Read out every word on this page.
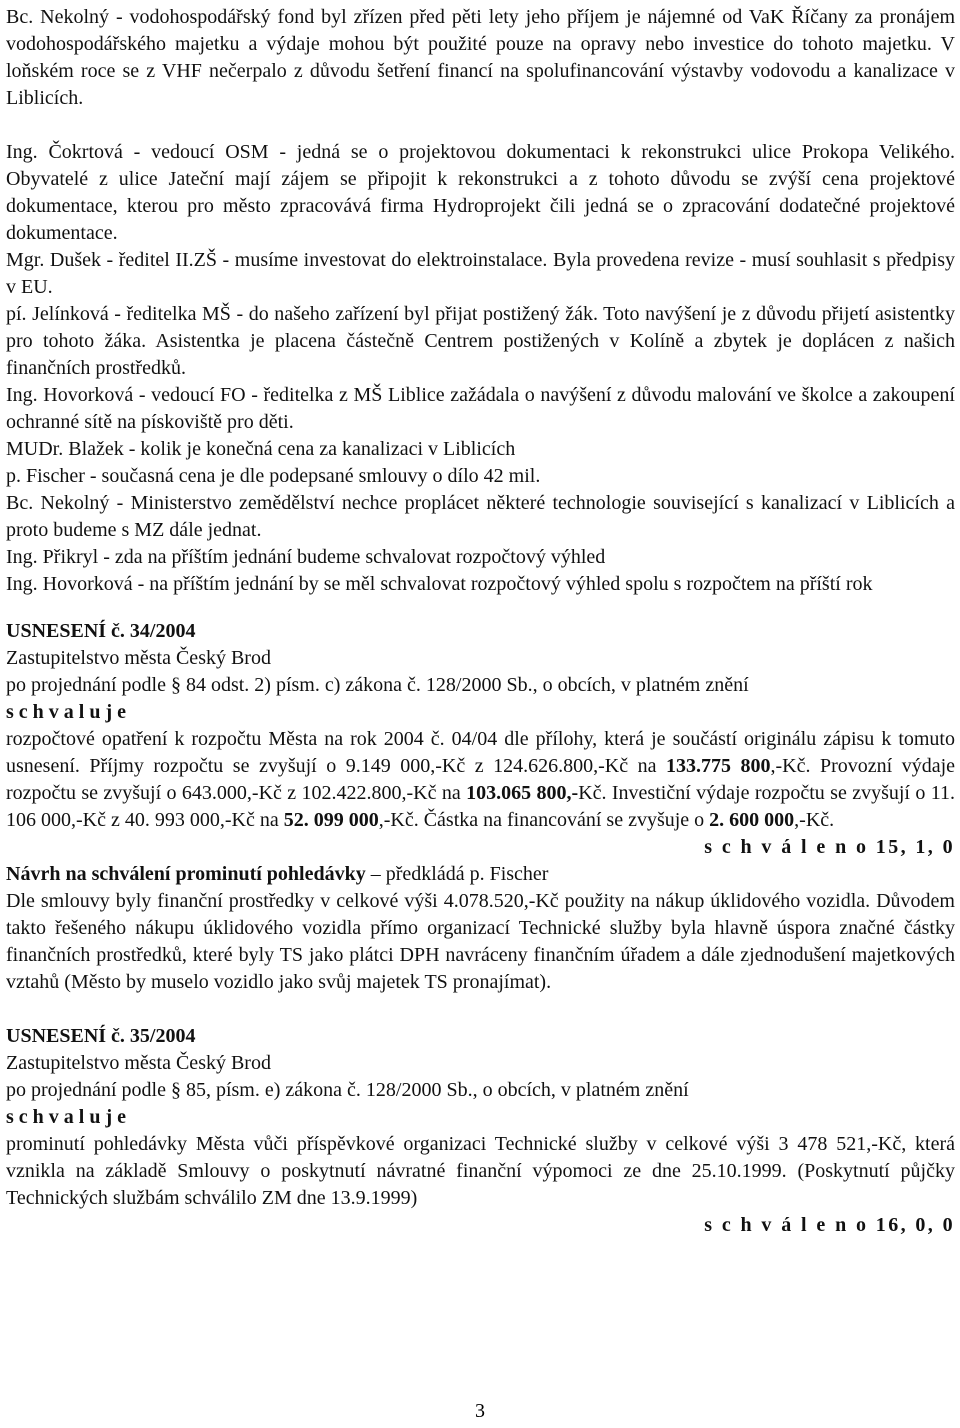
Bc. Nekolný - vodohospodářský fond byl zřízen před pěti lety jeho příjem je nájemné od VaK Říčany za pronájem vodohospodářského majetku a výdaje mohou být použité pouze na opravy nebo investice do tohoto majetku. V loňském roce se z VHF nečerpalo z důvodu šetření financí na spolufinancování výstavby vodovodu a kanalizace v Liblicích.

Ing. Čokrtová - vedoucí OSM - jedná se o projektovou dokumentaci k rekonstrukci ulice Prokopa Velikého. Obyvatelé z ulice Jateční mají zájem se připojit k rekonstrukci a z tohoto důvodu se zvýší cena projektové dokumentace, kterou pro město zpracovává firma Hydroprojekt čili jedná se o zpracování dodatečné projektové dokumentace.

Mgr. Dušek - ředitel II.ZŠ - musíme investovat do elektroinstalace. Byla provedena revize - musí souhlasit s předpisy v EU.

pí. Jelínková - ředitelka MŠ - do našeho zařízení byl přijat postižený žák. Toto navýšení je z důvodu přijetí asistentky pro tohoto žáka. Asistentka je placena částečně Centrem postižených v Kolíně a zbytek je doplácen z našich finančních prostředků.

Ing. Hovorková - vedoucí FO - ředitelka z MŠ Liblice zažádala o navýšení z důvodu malování ve školce a zakoupení ochranné sítě na pískoviště pro děti.

MUDr. Blažek - kolik je konečná cena za kanalizaci v Liblicích

p. Fischer - současná cena je dle podepsané smlouvy o dílo 42 mil.

Bc. Nekolný - Ministerstvo zemědělství nechce proplácet některé technologie související s kanalizací v Liblicích a proto budeme s MZ dále jednat.

Ing. Přikryl - zda na příštím jednání budeme schvalovat rozpočtový výhled

Ing. Hovorková - na příštím jednání by se měl schvalovat rozpočtový výhled spolu s rozpočtem na příští rok

USNESENÍ č. 34/2004

Zastupitelstvo města Český Brod

po projednání podle § 84 odst. 2) písm. c) zákona č. 128/2000 Sb., o obcích, v platném znění

s c h v a l u j e

rozpočtové opatření k rozpočtu Města na rok 2004 č. 04/04 dle přílohy, která je součástí originálu zápisu k tomuto usnesení. Příjmy rozpočtu se zvyšují o 9.149 000,-Kč z 124.626.800,-Kč na 133.775 800,-Kč. Provozní výdaje rozpočtu se zvyšují o 643.000,-Kč z 102.422.800,-Kč na 103.065 800,-Kč. Investiční výdaje rozpočtu se zvyšují o 11. 106 000,-Kč z 40. 993 000,-Kč na 52. 099 000,-Kč. Částka na financování se zvyšuje o 2. 600 000,-Kč.

s c h v á l e n o 15, 1, 0

Návrh na schválení prominutí pohledávky – předkládá p. Fischer

Dle smlouvy byly finanční prostředky v celkové výši 4.078.520,-Kč použity na nákup úklidového vozidla. Důvodem takto řešeného nákupu úklidového vozidla přímo organizací Technické služby byla hlavně úspora značné částky finančních prostředků, které byly TS jako plátci DPH navráceny finančním úřadem a dále zjednodušení majetkových vztahů (Město by muselo vozidlo jako svůj majetek TS pronajímat).

USNESENÍ č. 35/2004

Zastupitelstvo města Český Brod

po projednání podle § 85, písm. e) zákona č. 128/2000 Sb., o obcích, v platném znění

s c h v a l u j e

prominutí pohledávky Města vůči příspěvkové organizaci Technické služby v celkové výši 3 478 521,-Kč, která vznikla na základě Smlouvy o poskytnutí návratné finanční výpomoci ze dne 25.10.1999. (Poskytnutí půjčky Technických službám schválilo ZM dne 13.9.1999)

s c h v á l e n o 16, 0, 0

3
